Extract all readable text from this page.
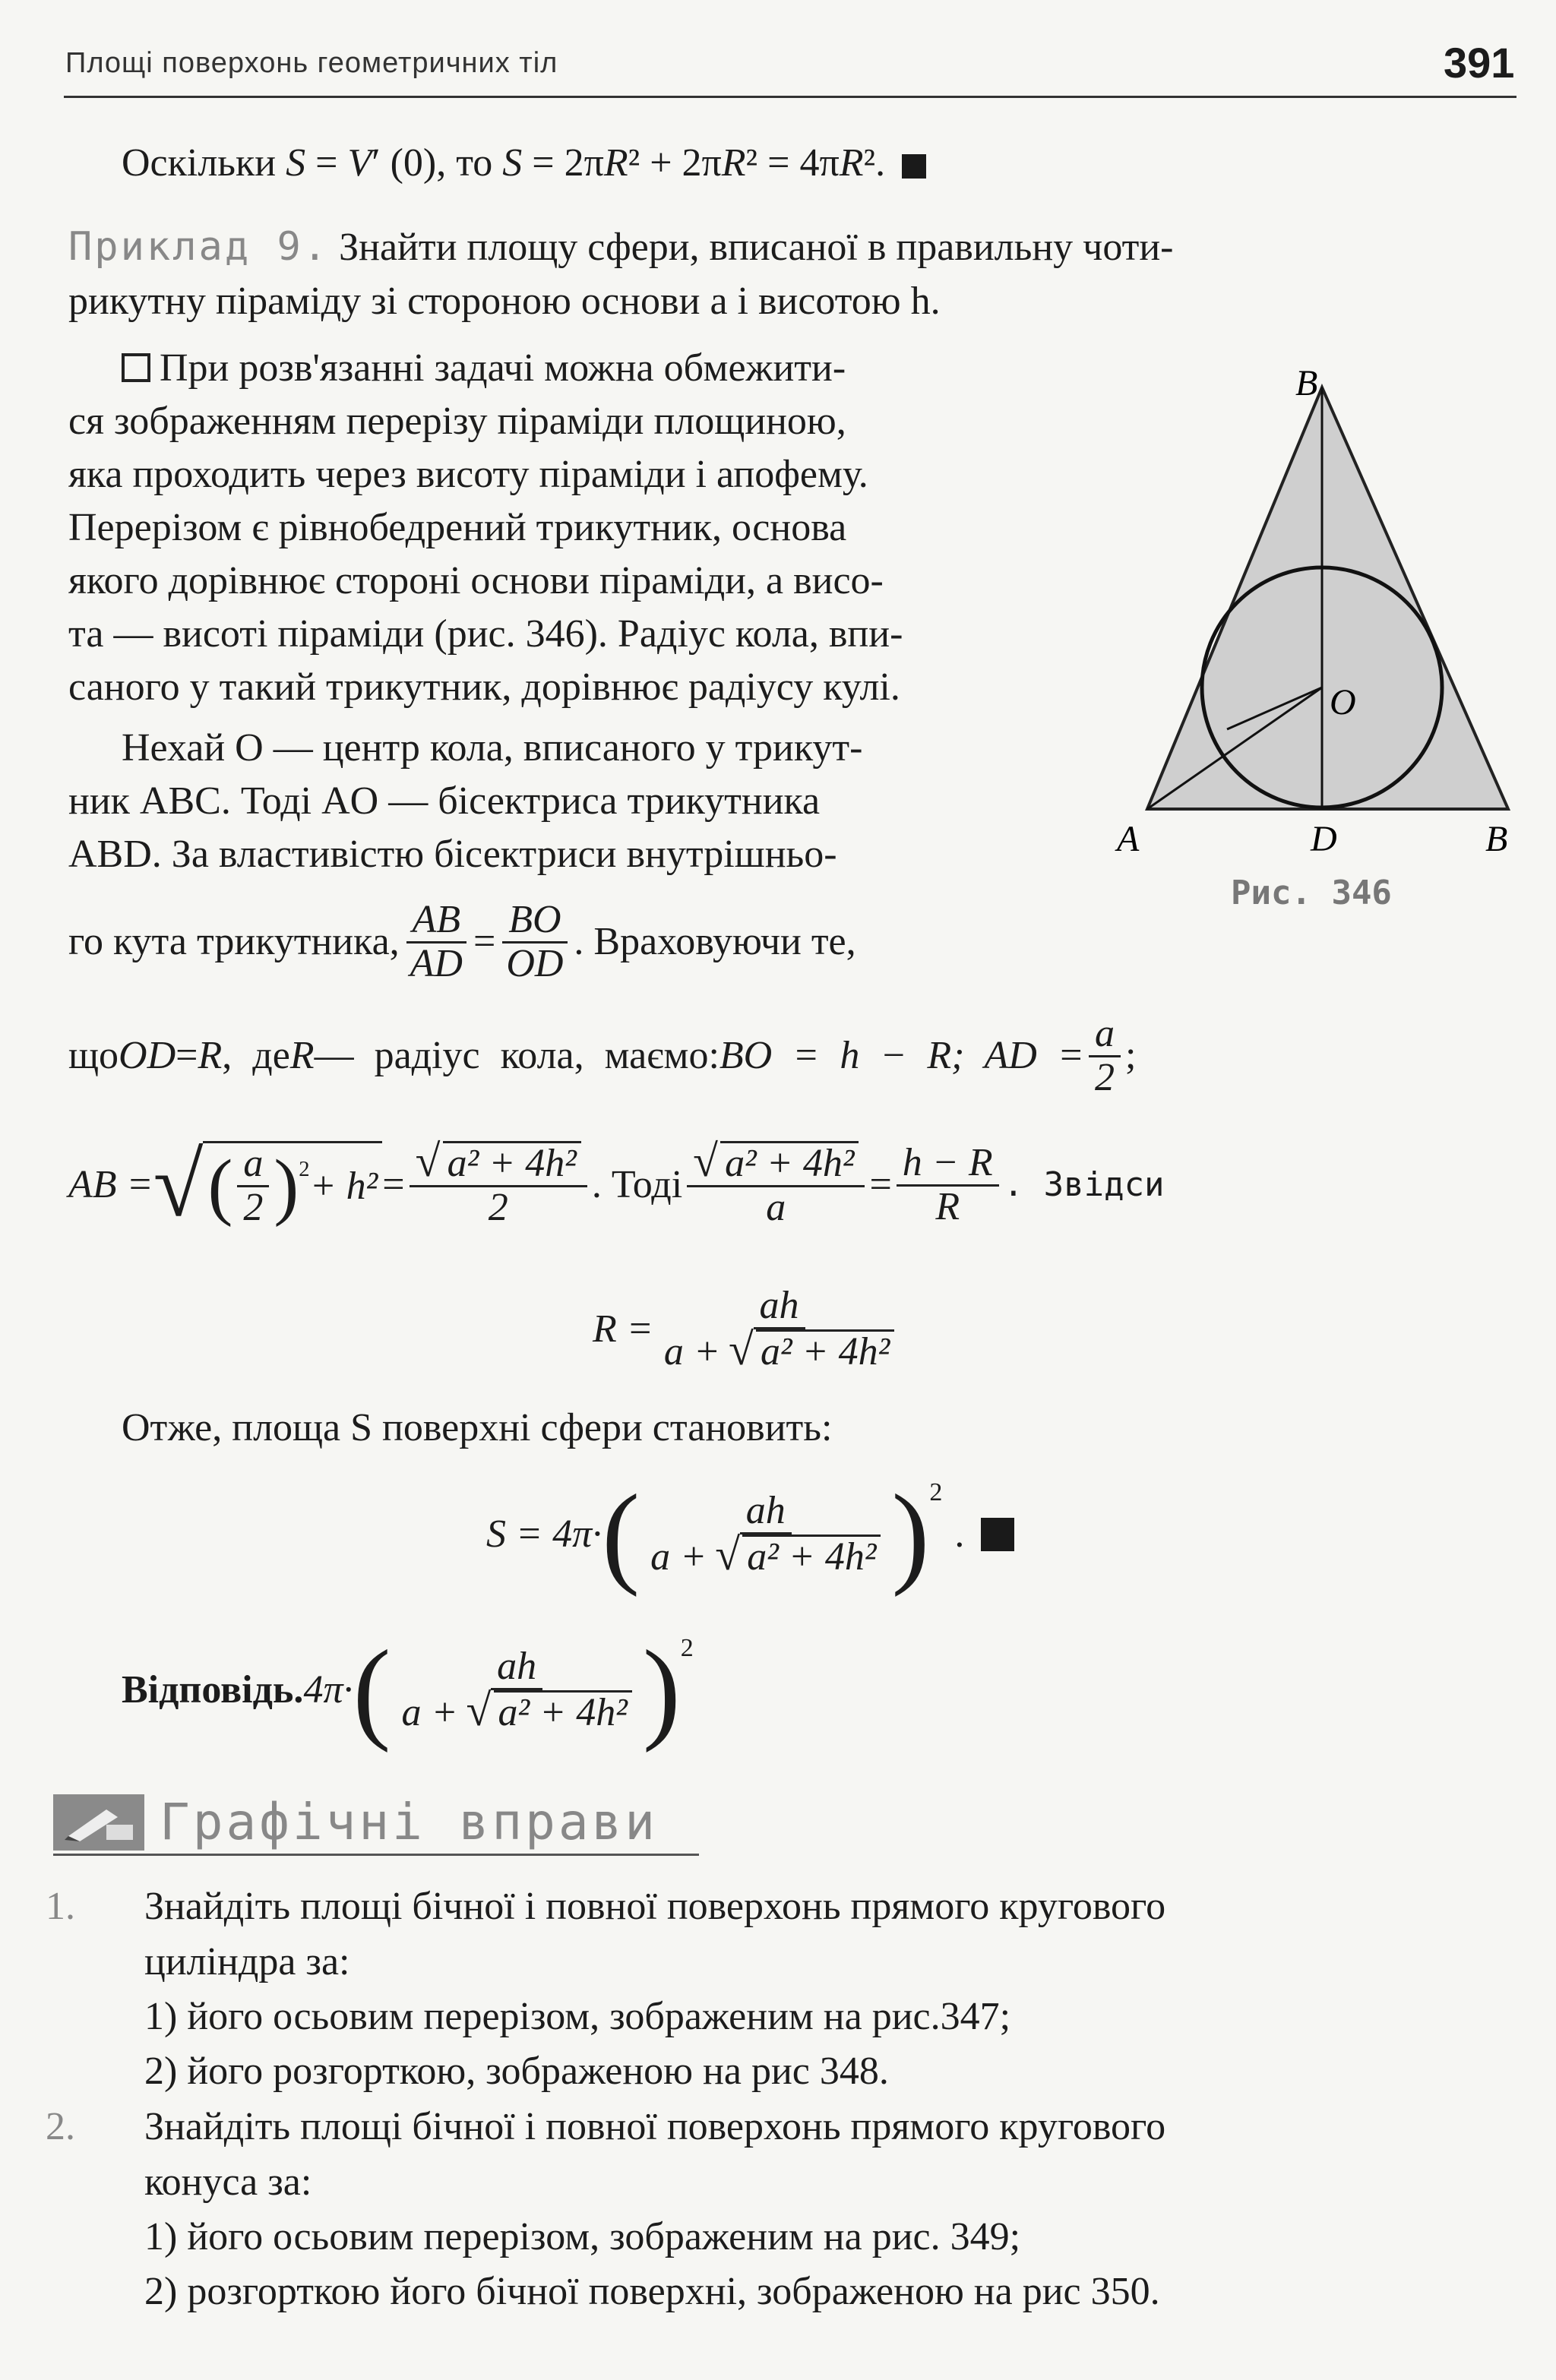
Площі поверхонь геометричних тіл	391
Оскільки S = V′ (0), то S = 2πR² + 2πR² = 4πR².
Приклад 9. Знайти площу сфери, вписаної в правильну чоти-
рикутну піраміду зі стороною основи a і висотою h.
При розв'язанні задачі можна обмежити-
ся зображенням перерізу піраміди площиною,
яка проходить через висоту піраміди і апофему.
Перерізом є рівнобедрений трикутник, основа
якого дорівнює стороні основи піраміди, а висо-
та — висоті піраміди (рис. 346). Радіус кола, впи-
саного у такий трикутник, дорівнює радіусу кулі.
Нехай O — центр кола, вписаного у трикут-
ник ABC. Тоді AO — бісектриса трикутника
ABD. За властивістю бісектриси внутрішньо-
го кута трикутника, $\frac{AB}{AD} = \frac{BO}{OD}$ . Враховуючи те,
що OD = R , де R — радіус кола, маємо: BO = h − R; AD = $\frac{a}{2}$ ;
AB = √ ( $\frac{a}{2} )^2 + h^2$ = √ $\frac{\text{a² + 4h²}}{2}$ . Тоді √ $\frac{\text{a² + 4h²}}{a} = \frac{h - R}{R}$ . Звідси
$R = \frac{ah}{\text{a + √ a² + 4h²}}$
Отже, площа S поверхні сфери становить:
S = 4π· ( $\frac{ah}{\text{a + √ a² + 4h²}} )^2$
.
Відповідь. 4π· ( $\frac{ah}{\text{a + √ a² + 4h²}} )^2$
B
O
A	D	B
Рис. 346
Графічні вправи
1. Знайдіть площі бічної і повної поверхонь прямого кругового
циліндра за:
1) його осьовим перерізом, зображеним на рис.347;
2) його розгорткою, зображеною на рис 348.
2. Знайдіть площі бічної і повної поверхонь прямого кругового
конуса за:
1) його осьовим перерізом, зображеним на рис. 349;
2) розгорткою його бічної поверхні, зображеною на рис 350.
